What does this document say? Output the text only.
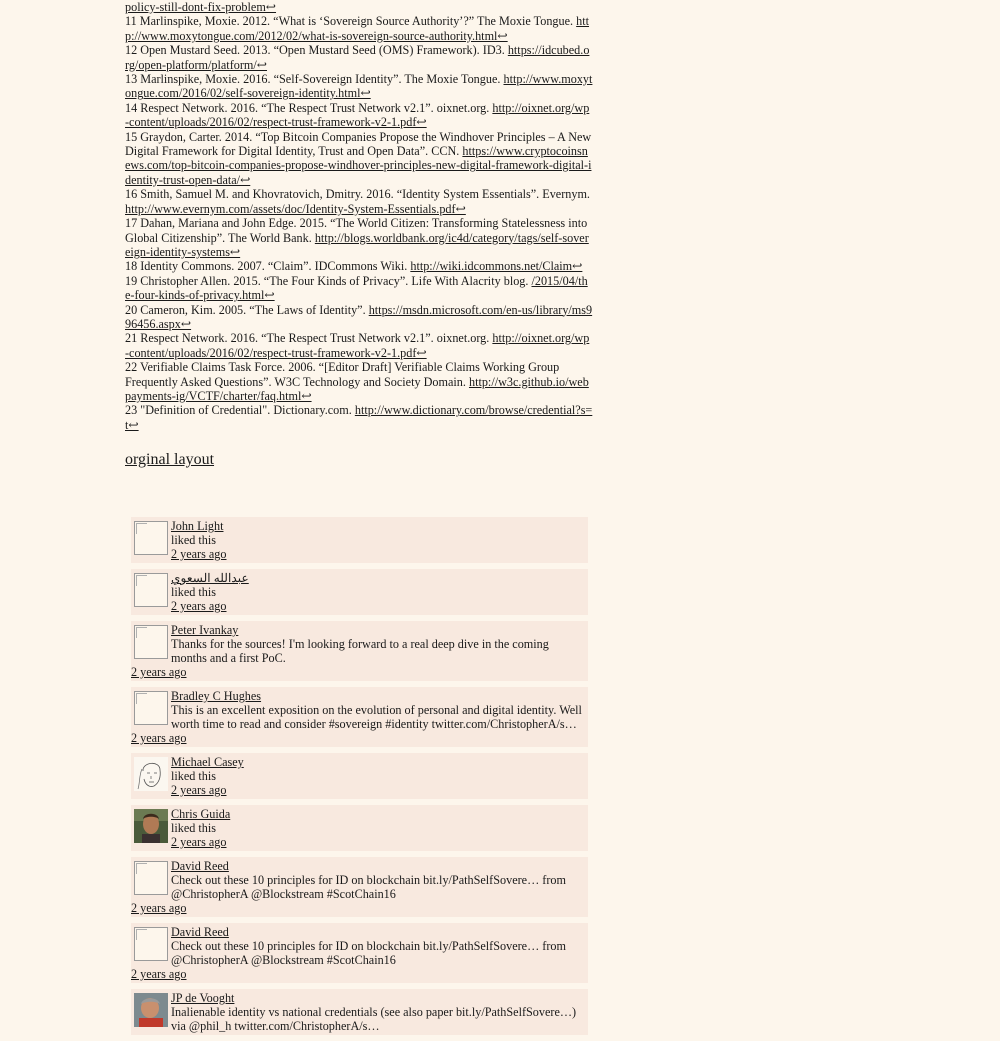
policy-still-dont-fix-problem↩

11 Marlinspike, Moxie. 2012. “What is ‘Sovereign Source Authority’?” The Moxie Tongue. http://www.moxytongue.com/2012/02/what-is-sovereign-source-authority.html↩

12 Open Mustard Seed. 2013. “Open Mustard Seed (OMS) Framework). ID3. https://idcubed.org/open-platform/platform/↩

13 Marlinspike, Moxie. 2016. “Self-Sovereign Identity”. The Moxie Tongue. http://www.moxytongue.com/2016/02/self-sovereign-identity.html↩

14 Respect Network. 2016. “The Respect Trust Network v2.1”. oixnet.org. http://oixnet.org/wp-content/uploads/2016/02/respect-trust-framework-v2-1.pdf↩

15 Graydon, Carter. 2014. “Top Bitcoin Companies Propose the Windhover Principles – A New Digital Framework for Digital Identity, Trust and Open Data”. CCN. https://www.cryptocoinsnews.com/top-bitcoin-companies-propose-windhover-principles-new-digital-framework-digital-identity-trust-open-data/↩

16 Smith, Samuel M. and Khovratovich, Dmitry. 2016. “Identity System Essentials”. Evernym. http://www.evernym.com/assets/doc/Identity-System-Essentials.pdf↩

17 Dahan, Mariana and John Edge. 2015. “The World Citizen: Transforming Statelessness into Global Citizenship”. The World Bank. http://blogs.worldbank.org/ic4d/category/tags/self-sovereign-identity-systems↩

18 Identity Commons. 2007. “Claim”. IDCommons Wiki. http://wiki.idcommons.net/Claim↩

19 Christopher Allen. 2015. “The Four Kinds of Privacy”. Life With Alacrity blog. /2015/04/the-four-kinds-of-privacy.html↩

20 Cameron, Kim. 2005. “The Laws of Identity”. https://msdn.microsoft.com/en-us/library/ms996456.aspx↩

21 Respect Network. 2016. “The Respect Trust Network v2.1”. oixnet.org. http://oixnet.org/wp-content/uploads/2016/02/respect-trust-framework-v2-1.pdf↩

22 Verifiable Claims Task Force. 2006. “[Editor Draft] Verifiable Claims Working Group Frequently Asked Questions”. W3C Technology and Society Domain. http://w3c.github.io/webpayments-ig/VCTF/charter/faq.html↩

23 "Definition of Credential". Dictionary.com. http://www.dictionary.com/browse/credential?s=t↩

orginal layout
John Light
liked this
2 years ago
عبدالله السعوي
liked this
2 years ago
Peter Ivankay
Thanks for the sources! I'm looking forward to a real deep dive in the coming months and a first PoC.
2 years ago
Bradley C Hughes
This is an excellent exposition on the evolution of personal and digital identity. Well worth time to read and consider #sovereign #identity twitter.com/ChristopherA/s…
2 years ago
Michael Casey
liked this
2 years ago
Chris Guida
liked this
2 years ago
David Reed
Check out these 10 principles for ID on blockchain bit.ly/PathSelfSovere… from @ChristopherA @Blockstream #ScotChain16
2 years ago
David Reed
Check out these 10 principles for ID on blockchain bit.ly/PathSelfSovere… from @ChristopherA @Blockstream #ScotChain16
2 years ago
JP de Vooght
Inalienable identity vs national credentials (see also paper bit.ly/PathSelfSovere…) via @phil_h twitter.com/ChristopherA/s…
